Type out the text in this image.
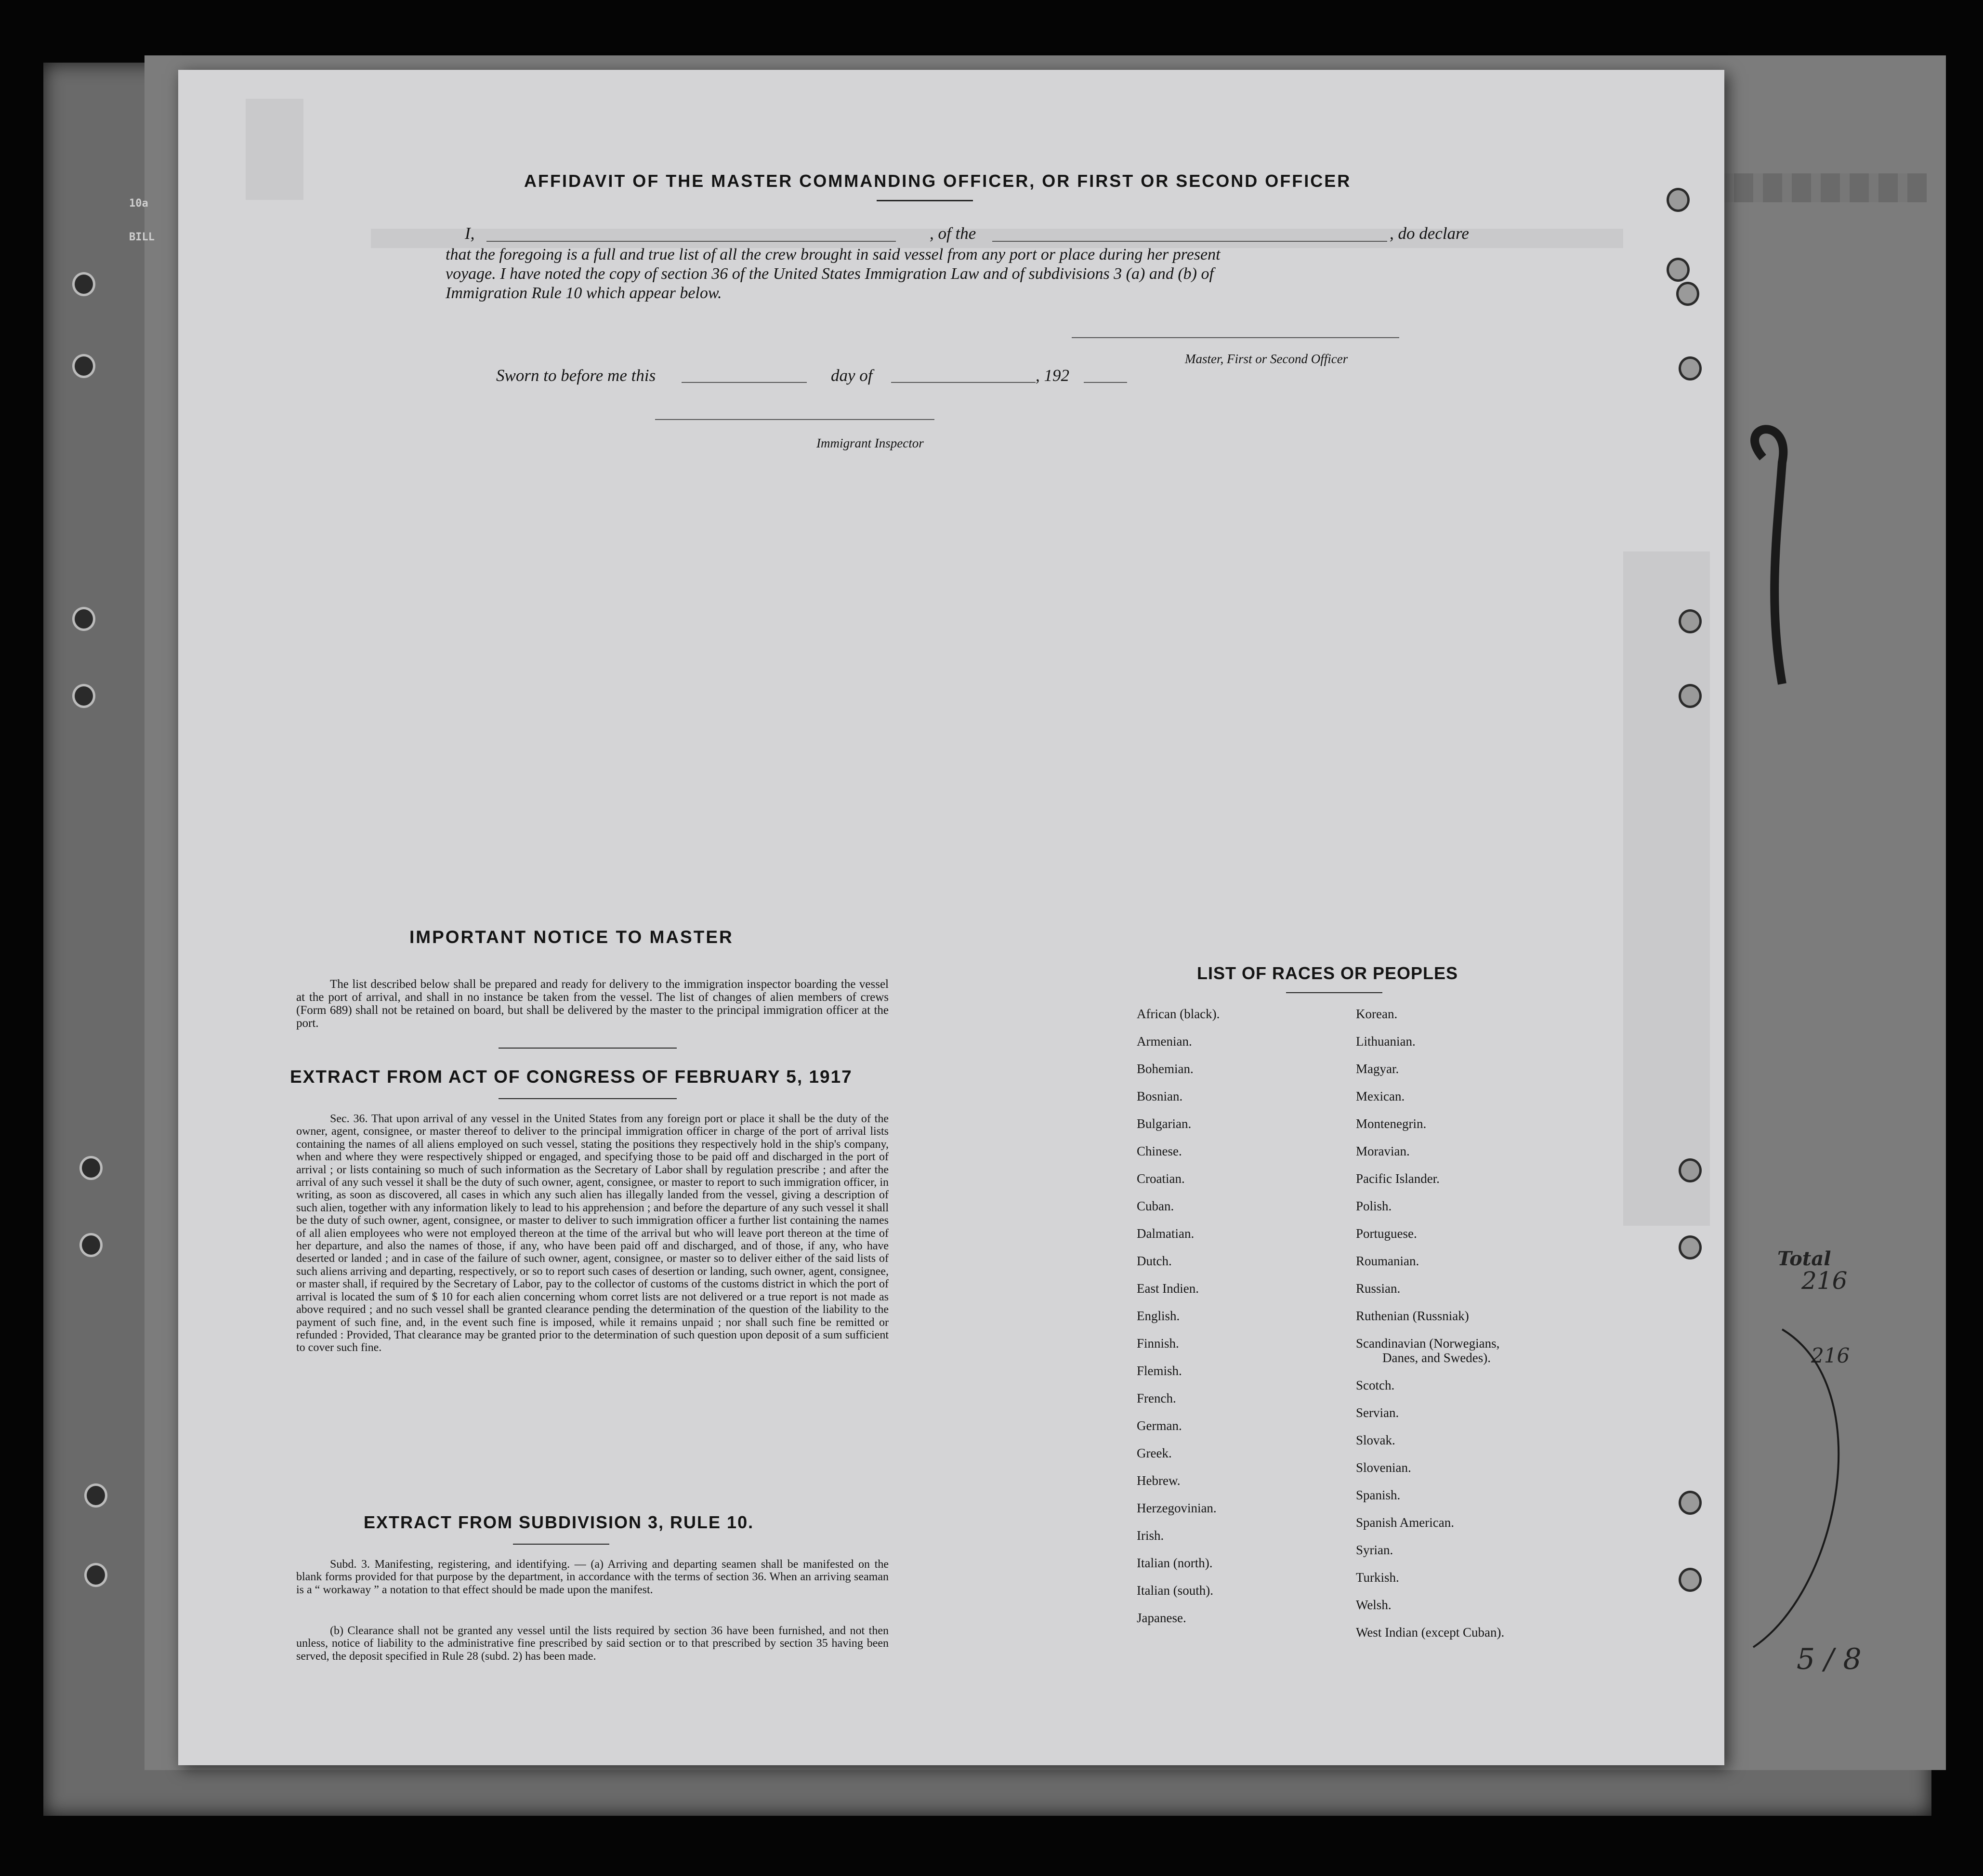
10a
BILL
Total
216
216
5 / 8
AFFIDAVIT OF THE MASTER COMMANDING OFFICER, OR FIRST OR SECOND OFFICER
I,	, of the	, do declare
that the foregoing is a full and true list of all the crew brought in said vessel from any port or place during her present
voyage. I have noted the copy of section 36 of the United States Immigration Law and of subdivisions 3 (a) and (b) of
Immigration Rule 10 which appear below.
Master, First or Second Officer
Sworn to before me this	day of	, 192
Immigrant Inspector
IMPORTANT NOTICE TO MASTER
The list described below shall be prepared and ready for delivery to the immigration inspector boarding the vessel at the port of arrival, and shall in no instance be taken from the vessel. The list of changes of alien members of crews (Form 689) shall not be retained on board, but shall be delivered by the master to the principal immigration officer at the port.
EXTRACT FROM ACT OF CONGRESS OF FEBRUARY 5, 1917
Sec. 36. That upon arrival of any vessel in the United States from any foreign port or place it shall be the duty of the owner, agent, consignee, or master thereof to deliver to the principal immigration officer in charge of the port of arrival lists containing the names of all aliens employed on such vessel, stating the positions they respectively hold in the ship's company, when and where they were respectively shipped or engaged, and specifying those to be paid off and discharged in the port of arrival ; or lists containing so much of such information as the Secretary of Labor shall by regulation prescribe ; and after the arrival of any such vessel it shall be the duty of such owner, agent, consignee, or master to report to such immigration officer, in writing, as soon as discovered, all cases in which any such alien has illegally landed from the vessel, giving a description of such alien, together with any information likely to lead to his apprehension ; and before the departure of any such vessel it shall be the duty of such owner, agent, consignee, or master to deliver to such immigration officer a further list containing the names of all alien employees who were not employed thereon at the time of the arrival but who will leave port thereon at the time of her departure, and also the names of those, if any, who have been paid off and discharged, and of those, if any, who have deserted or landed ; and in case of the failure of such owner, agent, consignee, or master so to deliver either of the said lists of such aliens arriving and departing, respectively, or so to report such cases of desertion or landing, such owner, agent, consignee, or master shall, if required by the Secretary of Labor, pay to the collector of customs of the customs district in which the port of arrival is located the sum of $ 10 for each alien concerning whom corret lists are not delivered or a true report is not made as above required ; and no such vessel shall be granted clearance pending the determination of the question of the liability to the payment of such fine, and, in the event such fine is imposed, while it remains unpaid ; nor shall such fine be remitted or refunded : Provided, That clearance may be granted prior to the determination of such question upon deposit of a sum sufficient to cover such fine.
EXTRACT FROM SUBDIVISION 3, RULE 10.
Subd. 3. Manifesting, registering, and identifying. — (a) Arriving and departing seamen shall be manifested on the blank forms provided for that purpose by the department, in accordance with the terms of section 36. When an arriving seaman is a “ workaway ” a notation to that effect should be made upon the manifest.
(b) Clearance shall not be granted any vessel until the lists required by section 36 have been furnished, and not then unless, notice of liability to the administrative fine prescribed by said section or to that prescribed by section 35 having been served, the deposit specified in Rule 28 (subd. 2) has been made.
LIST OF RACES OR PEOPLES
African (black).
Armenian.
Bohemian.
Bosnian.
Bulgarian.
Chinese.
Croatian.
Cuban.
Dalmatian.
Dutch.
East Indien.
English.
Finnish.
Flemish.
French.
German.
Greek.
Hebrew.
Herzegovinian.
Irish.
Italian (north).
Italian (south).
Japanese.
Korean.
Lithuanian.
Magyar.
Mexican.
Montenegrin.
Moravian.
Pacific Islander.
Polish.
Portuguese.
Roumanian.
Russian.
Ruthenian (Russniak)
Scandinavian (Norwegians,
Danes, and Swedes).
Scotch.
Servian.
Slovak.
Slovenian.
Spanish.
Spanish American.
Syrian.
Turkish.
Welsh.
West Indian (except Cuban).
